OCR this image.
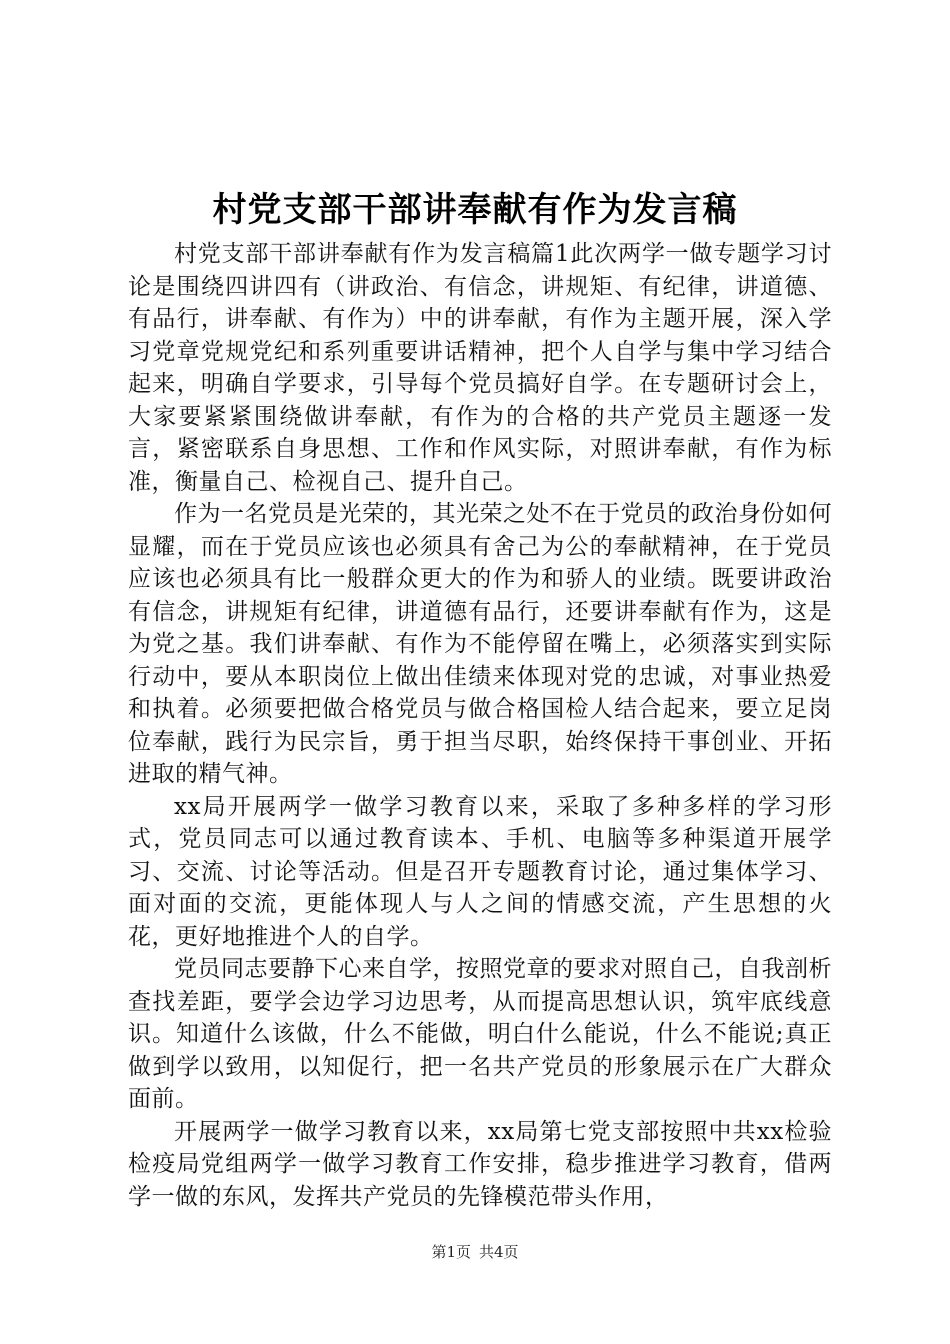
村党支部干部讲奉献有作为发言稿

村党支部干部讲奉献有作为发言稿篇1此次两学一做专题学习讨论是围绕四讲四有（讲政治、有信念，讲规矩、有纪律，讲道德、有品行，讲奉献、有作为）中的讲奉献，有作为主题开展，深入学习党章党规党纪和系列重要讲话精神，把个人自学与集中学习结合起来，明确自学要求，引导每个党员搞好自学。在专题研讨会上，大家要紧紧围绕做讲奉献，有作为的合格的共产党员主题逐一发言，紧密联系自身思想、工作和作风实际，对照讲奉献，有作为标准，衡量自己、检视自己、提升自己。

作为一名党员是光荣的，其光荣之处不在于党员的政治身份如何显耀，而在于党员应该也必须具有舍己为公的奉献精神，在于党员应该也必须具有比一般群众更大的作为和骄人的业绩。既要讲政治有信念，讲规矩有纪律，讲道德有品行，还要讲奉献有作为，这是为党之基。我们讲奉献、有作为不能停留在嘴上，必须落实到实际行动中，要从本职岗位上做出佳绩来体现对党的忠诚，对事业热爱和执着。必须要把做合格党员与做合格国检人结合起来，要立足岗位奉献，践行为民宗旨，勇于担当尽职，始终保持干事创业、开拓进取的精气神。

xx局开展两学一做学习教育以来，采取了多种多样的学习形式，党员同志可以通过教育读本、手机、电脑等多种渠道开展学习、交流、讨论等活动。但是召开专题教育讨论，通过集体学习、面对面的交流，更能体现人与人之间的情感交流，产生思想的火花，更好地推进个人的自学。

党员同志要静下心来自学，按照党章的要求对照自己，自我剖析查找差距，要学会边学习边思考，从而提高思想认识，筑牢底线意识。知道什么该做，什么不能做，明白什么能说，什么不能说;真正做到学以致用，以知促行，把一名共产党员的形象展示在广大群众面前。

开展两学一做学习教育以来，xx局第七党支部按照中共xx检验检疫局党组两学一做学习教育工作安排，稳步推进学习教育，借两学一做的东风，发挥共产党员的先锋模范带头作用，

第1页 共4页
